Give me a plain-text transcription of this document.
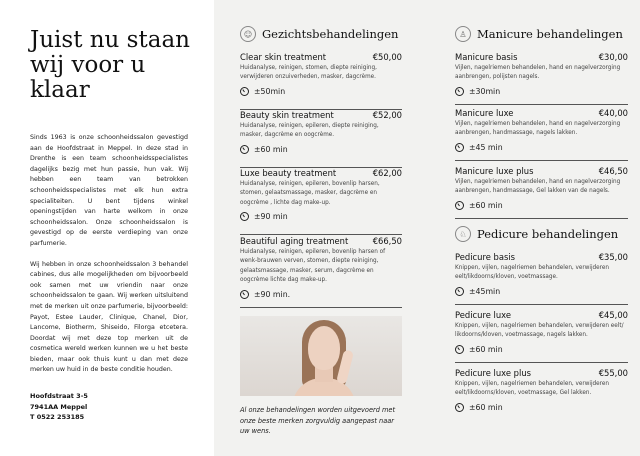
Juist nu staan wij voor u klaar

Sinds 1963 is onze schoonheidssalon gevestigd aan de Hoofdstraat in Meppel. In deze stad in Drenthe is een team schoonheidsspecialistes dagelijks bezig met hun passie, hun vak. Wij hebben een team van betrokken schoonheidsspecialistes met elk hun extra specialiteiten. U bent tijdens winkel openingstijden van harte welkom in onze schoonheidssalon. Onze schoonheidssalon is gevestigd op de eerste verdieping van onze parfumerie.

Wij hebben in onze schoonheidssalon 3 behandel cabines, dus alle mogelijkheden om bijvoorbeeld ook samen met uw vriendin naar onze schoonheidssalon te gaan. Wij werken uitsluitend met de merken uit onze parfumerie, bijvoorbeeld: Payot, Estee Lauder, Clinique, Chanel, Dior, Lancome, Biotherm, Shiseido, Filorga etcetera. Doordat wij met deze top merken uit de cosmetica wereld werken kunnen we u het beste bieden, maar ook thuis kunt u dan met deze merken uw huid in de beste conditie houden.

Hoofdstraat 3-5
7941AA Meppel
T 0522 253185
☺ Gezichtsbehandelingen
Clear skin treatment	€50,00
Huidanalyse, reinigen, stomen, diepte reiniging, verwijderen onzuiverheden, masker, dagcrème.
±50min
Beauty skin treatment	€52,00
Huidanalyse, reinigen, epileren, diepte reiniging, masker, dagcrème en oogcrème.
±60 min
Luxe beauty treatment	€62,00
Huidanalyse, reinigen, epileren, bovenlip harsen, stomen, gelaatsmassage, masker, dagcrème en oogcrème , lichte dag make-up.
±90 min
Beautiful aging treatment	€66,50
Huidanalyse, reinigen, epileren, bovenlip harsen of wenk-brauwen verven, stomen, diepte reiniging, gelaatsmassage, masker, serum, dagcrème en oogcrème lichte dag make-up.
±90 min.
Al onze behandelingen worden uitgevoerd met onze beste merken zorgvuldig aangepast naar uw wens.
♙ Manicure behandelingen
Manicure basis	€30,00
Vijlen, nagelriemen behandelen, hand en nagelverzorging aanbrengen, polijsten nagels.
±30min
Manicure luxe	€40,00
Vijlen, nagelriemen behandelen, hand en nagelverzorging aanbrengen, handmassage, nagels lakken.
±45 min
Manicure luxe plus	€46,50
Vijlen, nagelriemen behandelen, hand en nagelverzorging aanbrengen, handmassage, Gel lakken van de nagels.
±60 min
♘ Pedicure behandelingen
Pedicure basis	€35,00
Knippen, vijlen, nagelriemen behandelen, verwijderen eelt/likdoorns/kloven, voetmassage.
±45min
Pedicure luxe	€45,00
Knippen, vijlen, nagelriemen behandelen, verwijderen eelt/ likdoorns/kloven, voetmassage, nagels lakken.
±60 min
Pedicure luxe plus	€55,00
Knippen, vijlen, nagelriemen behandelen, verwijderen eelt/likdoorns/kloven, voetmassage, Gel lakken.
±60 min
